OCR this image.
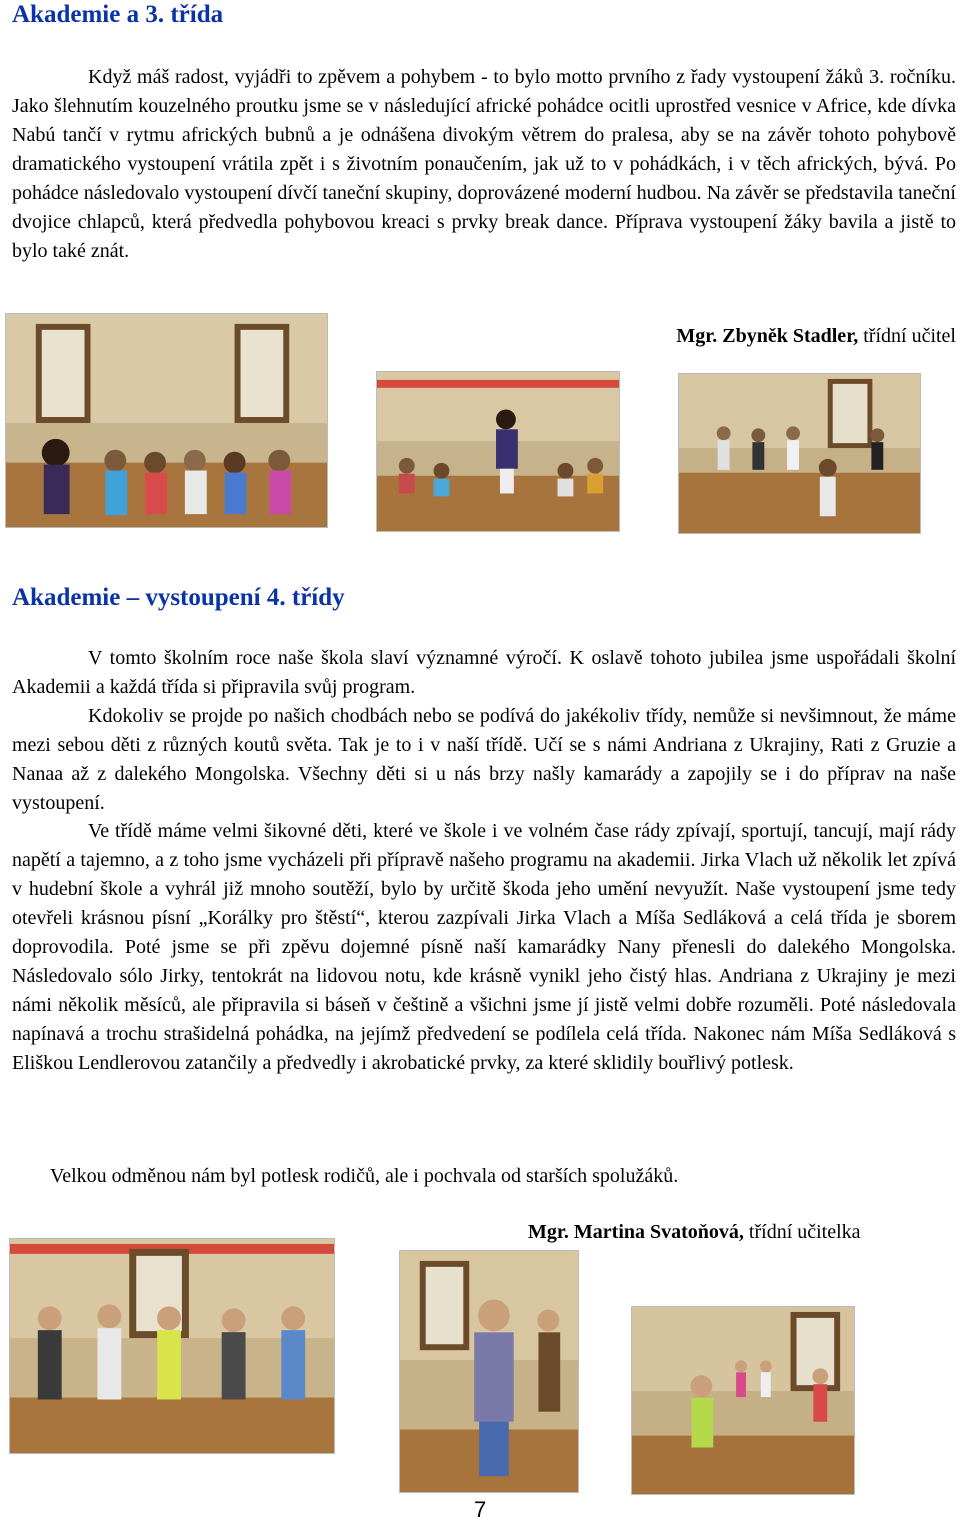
Akademie a 3. třída

Když máš radost, vyjádři to zpěvem a pohybem - to bylo motto prvního z řady vystoupení žáků 3. ročníku. Jako šlehnutím kouzelného proutku jsme se v následující africké pohádce ocitli uprostřed vesnice v Africe, kde dívka Nabú tančí v rytmu afrických bubnů a je odnášena divokým větrem do pralesa, aby se na závěr tohoto pohybově dramatického vystoupení vrátila zpět i s životním ponaučením, jak už to v pohádkách, i v těch afrických, bývá. Po pohádce následovalo vystoupení dívčí taneční skupiny, doprovázené moderní hudbou. Na závěr se představila taneční dvojice chlapců, která předvedla pohybovou kreaci s prvky break dance. Příprava vystoupení žáky bavila a jistě to bylo také znát.

Mgr. Zbyněk Stadler, třídní učitel

Akademie – vystoupení 4. třídy

V tomto školním roce naše škola slaví významné výročí. K oslavě tohoto jubilea jsme uspořádali školní Akademii a každá třída si připravila svůj program.

Kdokoliv se projde po našich chodbách nebo se podívá do jakékoliv třídy, nemůže si nevšimnout, že máme mezi sebou děti z různých koutů světa. Tak je to i v naší třídě. Učí se s námi Andriana z Ukrajiny, Rati z Gruzie a Nanaa až z dalekého Mongolska. Všechny děti si u nás brzy našly kamarády a zapojily se i do příprav na naše vystoupení.

Ve třídě máme velmi šikovné děti, které ve škole i ve volném čase rády zpívají, sportují, tancují, mají rády napětí a tajemno, a z toho jsme vycházeli při přípravě našeho programu na akademii. Jirka Vlach už několik let zpívá v hudební škole a vyhrál již mnoho soutěží, bylo by určitě škoda jeho umění nevyužít. Naše vystoupení jsme tedy otevřeli krásnou písní „Korálky pro štěstí“, kterou zazpívali Jirka Vlach a Míša Sedláková a celá třída je sborem doprovodila. Poté jsme se při zpěvu dojemné písně naší kamarádky Nany přenesli do dalekého Mongolska. Následovalo sólo Jirky, tentokrát na lidovou notu, kde krásně vynikl jeho čistý hlas. Andriana z Ukrajiny je mezi námi několik měsíců, ale připravila si báseň v češtině a všichni jsme jí jistě velmi dobře rozuměli. Poté následovala napínavá a trochu strašidelná pohádka, na jejímž předvedení se podílela celá třída. Nakonec nám Míša Sedláková s Eliškou Lendlerovou zatančily a předvedly i akrobatické prvky, za které sklidily bouřlivý potlesk.

Velkou odměnou nám byl potlesk rodičů, ale i pochvala od starších spolužáků.

Mgr. Martina Svatoňová, třídní učitelka

7
